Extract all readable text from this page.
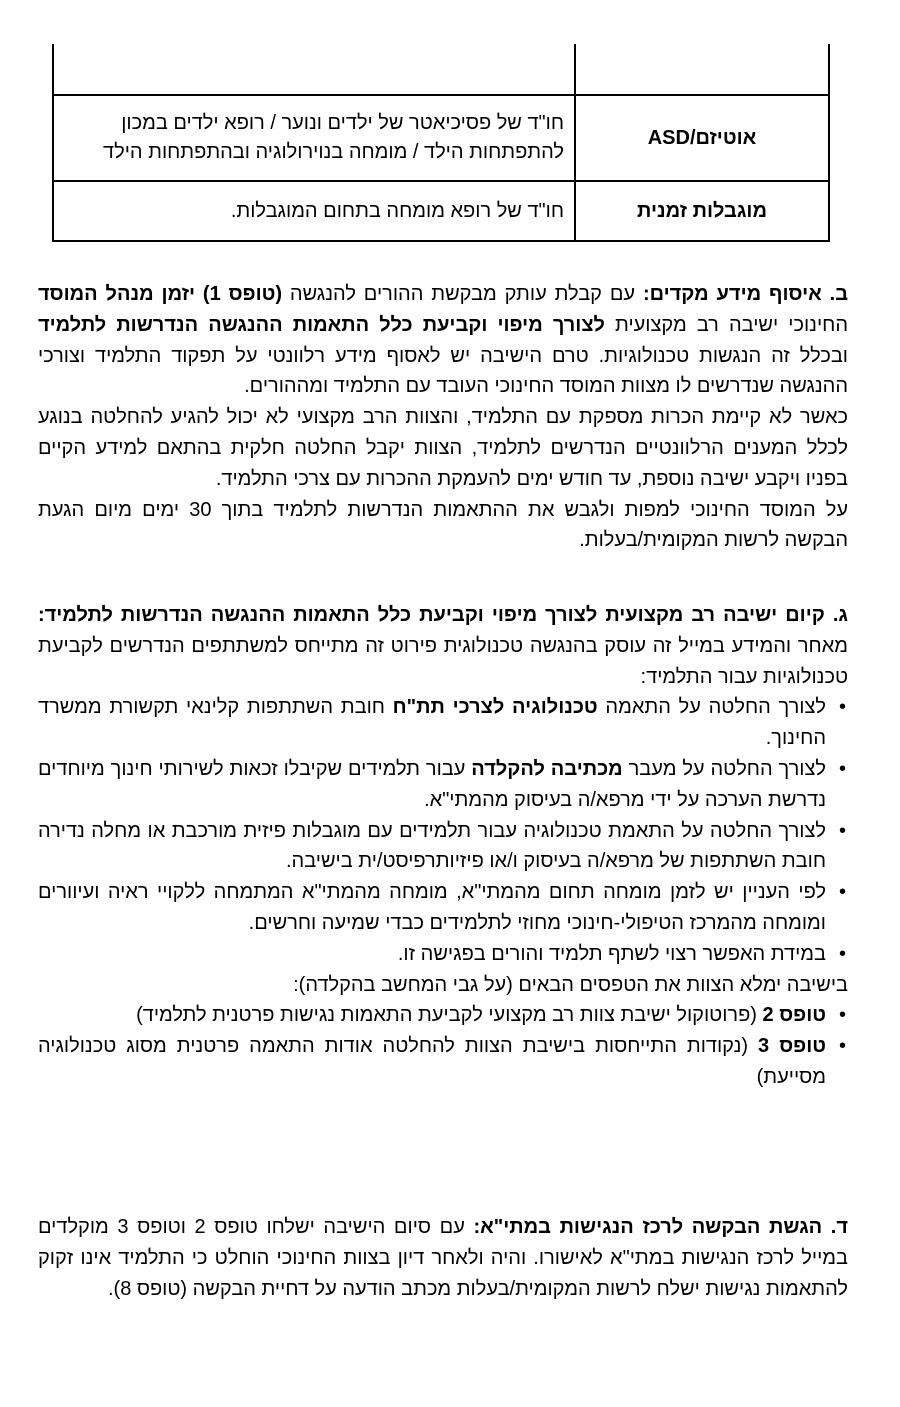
אוטיזם/ASD	חו"ד של פסיכיאטר של ילדים ונוער / רופא ילדים במכון
להתפתחות הילד / מומחה בנוירולוגיה ובהתפתחות הילד

מוגבלות זמנית	חו"ד של רופא מומחה בתחום המוגבלות.

ב. איסוף מידע מקדים: עם קבלת עותק מבקשת ההורים להנגשה (טופס 1) יזמן מנהל המוסד החינוכי ישיבה רב מקצועית לצורך מיפוי וקביעת כלל התאמות ההנגשה הנדרשות לתלמיד ובכלל זה הנגשות טכנולוגיות. טרם הישיבה יש לאסוף מידע רלוונטי על תפקוד התלמיד וצורכי ההנגשה שנדרשים לו מצוות המוסד החינוכי העובד עם התלמיד ומההורים.

כאשר לא קיימת הכרות מספקת עם התלמיד, והצוות הרב מקצועי לא יכול להגיע להחלטה בנוגע לכלל המענים הרלוונטיים הנדרשים לתלמיד, הצוות יקבל החלטה חלקית בהתאם למידע הקיים בפניו ויקבע ישיבה נוספת, עד חודש ימים להעמקת ההכרות עם צרכי התלמיד.

על המוסד החינוכי למפות ולגבש את ההתאמות הנדרשות לתלמיד בתוך 30 ימים מיום הגעת הבקשה לרשות המקומית/בעלות.

ג. קיום ישיבה רב מקצועית לצורך מיפוי וקביעת כלל התאמות ההנגשה הנדרשות לתלמיד: מאחר והמידע במייל זה עוסק בהנגשה טכנולוגית פירוט זה מתייחס למשתתפים הנדרשים לקביעת טכנולוגיות עבור התלמיד:

•
לצורך החלטה על התאמה טכנולוגיה לצרכי תת"ח חובת השתתפות קלינאי תקשורת ממשרד החינוך.
•
לצורך החלטה על מעבר מכתיבה להקלדה עבור תלמידים שקיבלו זכאות לשירותי חינוך מיוחדים נדרשת הערכה על ידי מרפא/ה בעיסוק מהמתי"א.
•
לצורך החלטה על התאמת טכנולוגיה עבור תלמידים עם מוגבלות פיזית מורכבת או מחלה נדירה חובת השתתפות של מרפא/ה בעיסוק ו/או פיזיותרפיסט/ית בישיבה.
•
לפי העניין יש לזמן מומחה תחום מהמתי"א, מומחה מהמתי"א המתמחה ללקויי ראיה ועיוורים ומומחה מהמרכז הטיפולי-חינוכי מחוזי לתלמידים כבדי שמיעה וחרשים.
•
במידת האפשר רצוי לשתף תלמיד והורים בפגישה זו.

בישיבה ימלא הצוות את הטפסים הבאים (על גבי המחשב בהקלדה):

•
טופס 2 (פרוטוקול ישיבת צוות רב מקצועי לקביעת התאמות נגישות פרטנית לתלמיד)
•
טופס 3 (נקודות התייחסות בישיבת הצוות להחלטה אודות התאמה פרטנית מסוג טכנולוגיה מסייעת)

ד. הגשת הבקשה לרכז הנגישות במתי"א: עם סיום הישיבה ישלחו טופס 2 וטופס 3 מוקלדים במייל לרכז הנגישות במתי"א לאישורו. והיה ולאחר דיון בצוות החינוכי הוחלט כי התלמיד אינו זקוק להתאמות נגישות ישלח לרשות המקומית/בעלות מכתב הודעה על דחיית הבקשה (טופס 8).
